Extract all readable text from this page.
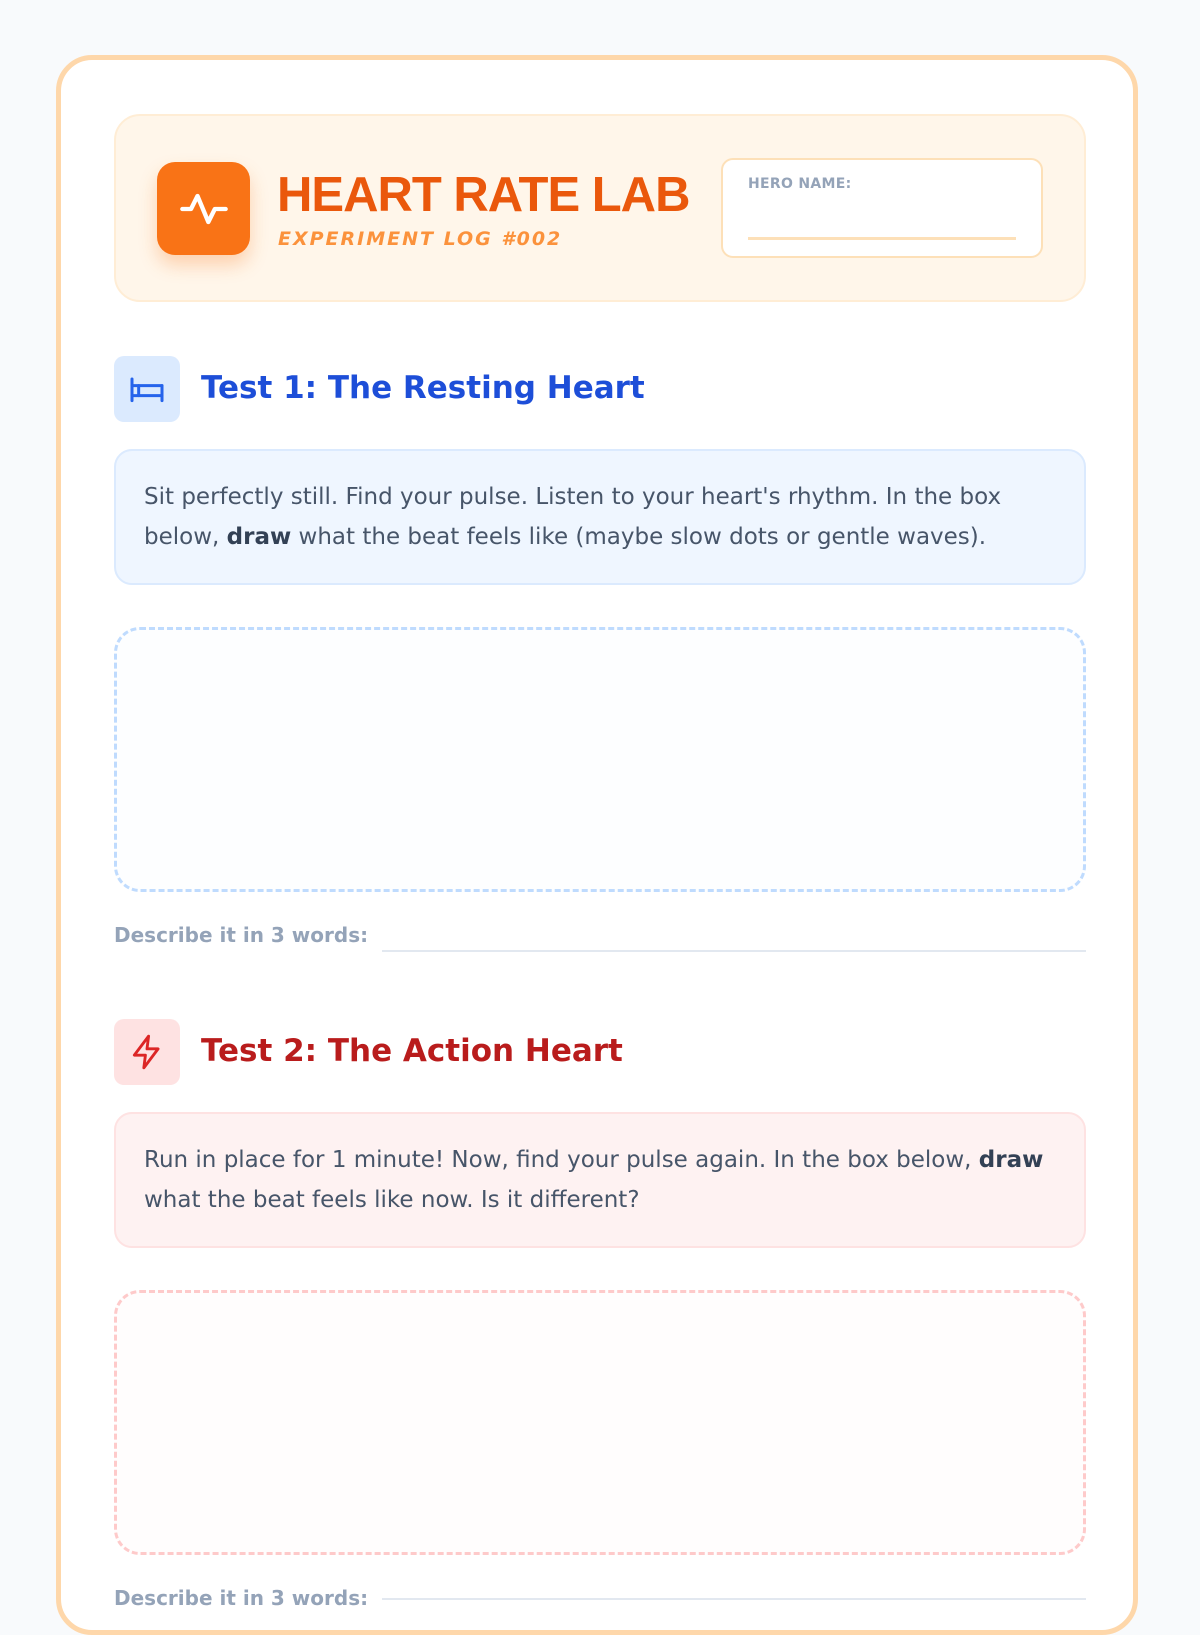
HEART RATE LAB
EXPERIMENT LOG #002
HERO NAME:
Test 1: The Resting Heart
Sit perfectly still. Find your pulse. Listen to your heart's rhythm. In the box below, draw what the beat feels like (maybe slow dots or gentle waves).
Describe it in 3 words:
Test 2: The Action Heart
Run in place for 1 minute! Now, find your pulse again. In the box below, draw what the beat feels like now. Is it different?
Describe it in 3 words:
